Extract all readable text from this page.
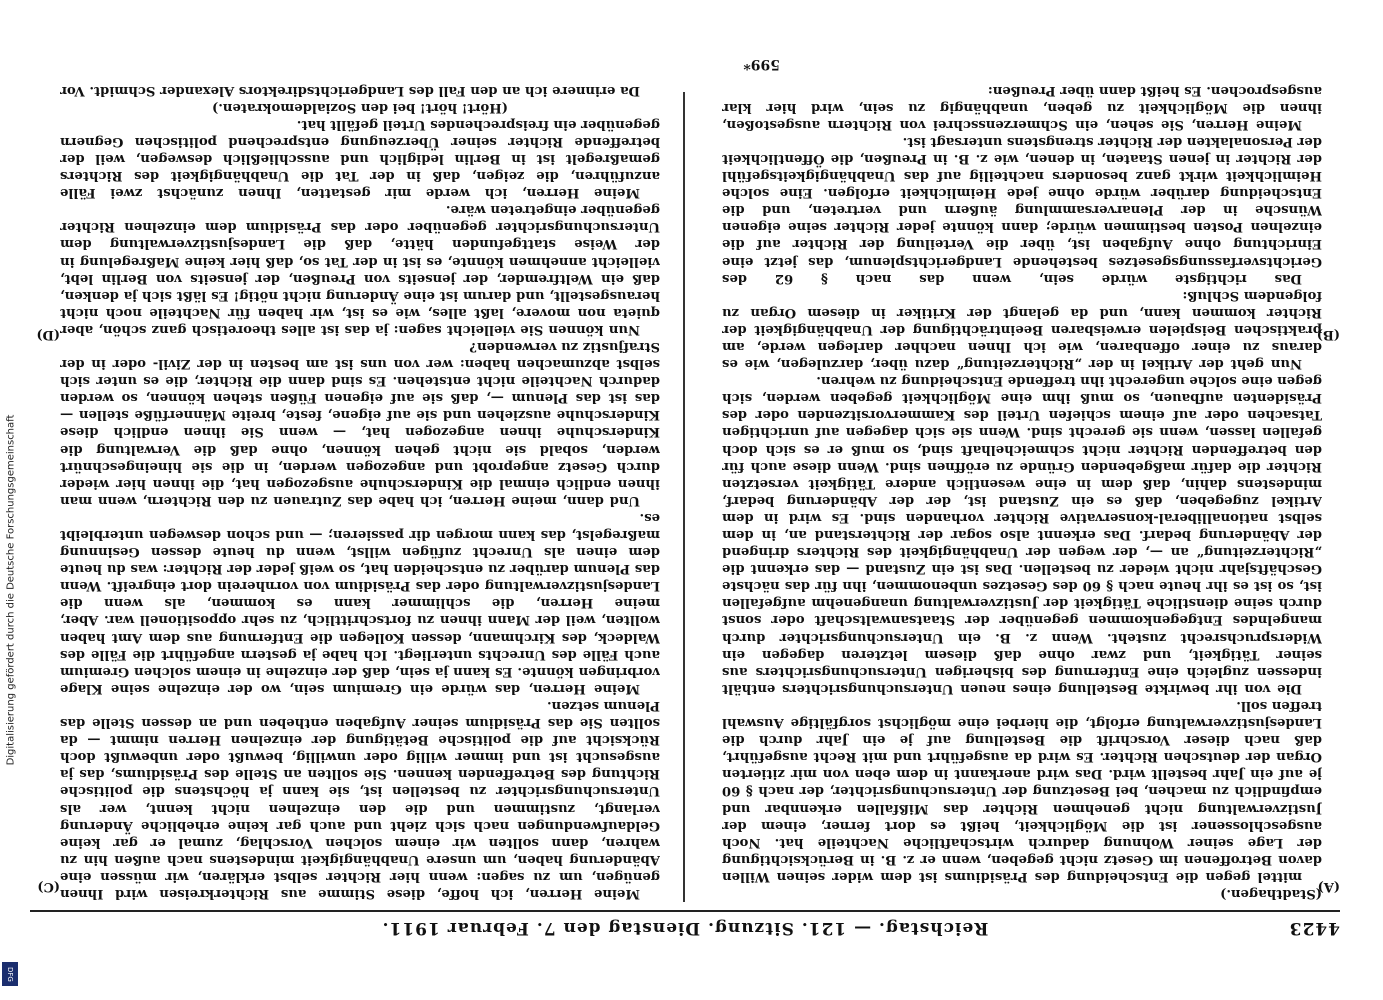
Digitalisierung gefördert durch die Deutsche Forschungsgemeinschaft
DFG
4423
Reichstag. — 121. Sitzung. Dienstag den 7. Februar 1911.
(A)
(B)
(C)
(D)
(Stadthagen.)

mittel gegen die Entscheidung des Präsidiums ist dem wider seinen Willen davon Betroffenen im Gesetz nicht gegeben, wenn er z. B. in Berücksichtigung der Lage seiner Wohnung dadurch wirtschaftliche Nachteile hat. Noch ausgeschlossener ist die Möglichkeit, heißt es dort ferner, einem der Justizverwaltung nicht genehmen Richter das Mißfallen erkennbar und empfindlich zu machen, bei Besetzung der Untersuchungsrichter, der nach § 60 je auf ein Jahr bestellt wird. Das wird anerkannt in dem eben von mir zitierten Organ der deutschen Richter. Es wird da ausgeführt und mit Recht ausgeführt, daß nach dieser Vorschrift die Bestellung auf je ein Jahr durch die Landesjustizverwaltung erfolgt, die hierbei eine möglichst sorgfältige Auswahl treffen soll.

Die von ihr bewirkte Bestellung eines neuen Untersuchungsrichters enthält indessen zugleich eine Entfernung des bisherigen Untersuchungsrichters aus seiner Tätigkeit, und zwar ohne daß diesem letzteren dagegen ein Widerspruchsrecht zusteht. Wenn z. B. ein Untersuchungsrichter durch mangelndes Entgegenkommen gegenüber der Staatsanwaltschaft oder sonst durch seine dienstliche Tätigkeit der Justizverwaltung unangenehm aufgefallen ist, so ist es ihr heute nach § 60 des Gesetzes unbenommen, ihn für das nächste Geschäftsjahr nicht wieder zu bestellen. Das ist ein Zustand — das erkennt die „Richterzeitung“ an —, der wegen der Unabhängigkeit des Richters dringend der Abänderung bedarf. Das erkennt also sogar der Richterstand an, in dem selbst nationalliberal-konservative Richter vorhanden sind. Es wird in dem Artikel zugegeben, daß es ein Zustand ist, der der Abänderung bedarf, mindestens dahin, daß dem in eine wesentlich andere Tätigkeit versetzten Richter die dafür maßgebenden Gründe zu eröffnen sind. Wenn diese auch für den betreffenden Richter nicht schmeichelhaft sind, so muß er es sich doch gefallen lassen, wenn sie gerecht sind. Wenn sie sich dagegen auf unrichtigen Tatsachen oder auf einem schiefen Urteil des Kammervorsitzenden oder des Präsidenten aufbauen, so muß ihm eine Möglichkeit gegeben werden, sich gegen eine solche ungerecht ihn treffende Entscheidung zu wehren.

Nun geht der Artikel in der „Richterzeitung“ dazu über, darzulegen, wie es daraus zu einer offenbaren, wie ich Ihnen nachher darlegen werde, am praktischen Beispielen erweisbaren Beeinträchtigung der Unabhängigkeit der Richter kommen kann, und da gelangt der Kritiker in diesem Organ zu folgendem Schluß:

Das richtigste würde sein, wenn das nach § 62 des Gerichtsverfassungsgesetzes bestehende Landgerichtsplenum, das jetzt eine Einrichtung ohne Aufgaben ist, über die Verteilung der Richter auf die einzelnen Posten bestimmen würde; dann könnte jeder Richter seine eigenen Wünsche in der Plenarversammlung äußern und vertreten, und die Entscheidung darüber würde ohne jede Heimlichkeit erfolgen. Eine solche Heimlichkeit wirkt ganz besonders nachteilig auf das Unabhängigkeitsgefühl der Richter in jenen Staaten, in denen, wie z. B. in Preußen, die Öffentlichkeit der Personalakten der Richter strengstens untersagt ist.

Meine Herren, Sie sehen, ein Schmerzensschrei von Richtern ausgestoßen, ihnen die Möglichkeit zu geben, unabhängig zu sein, wird hier klar ausgesprochen. Es heißt dann über Preußen:

Meine Herren, ich hoffe, diese Stimme aus Richterkreisen wird Ihnen genügen, um zu sagen: wenn hier Richter selbst erklären, wir müssen eine Abänderung haben, um unsere Unabhängigkeit mindestens nach außen hin zu wahren, dann sollten wir einem solchen Vorschlag, zumal er gar keine Geldaufwendungen nach sich zieht und auch gar keine erhebliche Änderung verlangt, zustimmen und die den einzelnen nicht kennt, wer als Untersuchungsrichter zu bestellen ist, sie kann ja höchstens die politische Richtung des Betreffenden kennen. Sie sollten an Stelle des Präsidiums, das ja ausgesucht ist und immer willig oder unwillig, bewußt oder unbewußt doch Rücksicht auf die politische Betätigung der einzelnen Herren nimmt — da sollten Sie das Präsidium seiner Aufgaben entheben und an dessen Stelle das Plenum setzen.

Meine Herren, das würde ein Gremium sein, wo der einzelne seine Klage vorbringen könnte. Es kann ja sein, daß der einzelne in einem solchen Gremium auch Fälle des Unrechts unterliegt. Ich habe ja gestern angeführt die Fälle des Waldeck, des Kirchmann, dessen Kollegen die Entfernung aus dem Amt haben wollten, weil der Mann ihnen zu fortschrittlich, zu sehr oppositionell war. Aber, meine Herren, die schlimmer kann es kommen, als wenn die Landesjustizverwaltung oder das Präsidium von vornherein dort eingreift. Wenn das Plenum darüber zu entscheiden hat, so weiß jeder der Richter: was du heute dem einen als Unrecht zufügen willst, wenn du heute dessen Gesinnung maßregelst, das kann morgen dir passieren; — und schon deswegen unterbleibt es.

Und dann, meine Herren, ich habe das Zutrauen zu den Richtern, wenn man ihnen endlich einmal die Kinderschuhe ausgezogen hat, die ihnen hier wieder durch Gesetz angeprobt und angezogen werden, in die sie hineingeschnürt werden, sobald sie nicht gehen können, ohne daß die Verwaltung die Kinderschuhe ihnen angezogen hat, — wenn Sie ihnen endlich diese Kinderschuhe ausziehen und sie auf eigene, feste, breite Männerfüße stellen — das ist das Plenum —, daß sie auf eigenen Füßen stehen können, so werden dadurch Nachteile nicht entstehen. Es sind dann die Richter, die es unter sich selbst abzumachen haben: wer von uns ist am besten in der Zivil- oder in der Strafjustiz zu verwenden?

Nun können Sie vielleicht sagen: ja das ist alles theoretisch ganz schön, aber quieta non movere, laßt alles, wie es ist, wir haben für Nachteile noch nicht herausgestellt, und darum ist eine Änderung nicht nötig! Es läßt sich ja denken, daß ein Weltfremder, der jenseits von Preußen, der jenseits von Berlin lebt, vielleicht annehmen könnte, es ist in der Tat so, daß hier keine Maßregelung in der Weise stattgefunden hätte, daß die Landesjustizverwaltung dem Untersuchungsrichter gegenüber oder das Präsidium dem einzelnen Richter gegenüber eingetreten wäre.

Meine Herren, ich werde mir gestatten, Ihnen zunächst zwei Fälle anzuführen, die zeigen, daß in der Tat die Unabhängigkeit des Richters gemaßregelt ist in Berlin lediglich und ausschließlich deswegen, weil der betreffende Richter seiner Überzeugung entsprechend politischen Gegnern gegenüber ein freisprechendes Urteil gefällt hat.

(Hört! hört! bei den Sozialdemokraten.)

Da erinnere ich an den Fall des Landgerichtsdirektors Alexander Schmidt. Vor

599*
